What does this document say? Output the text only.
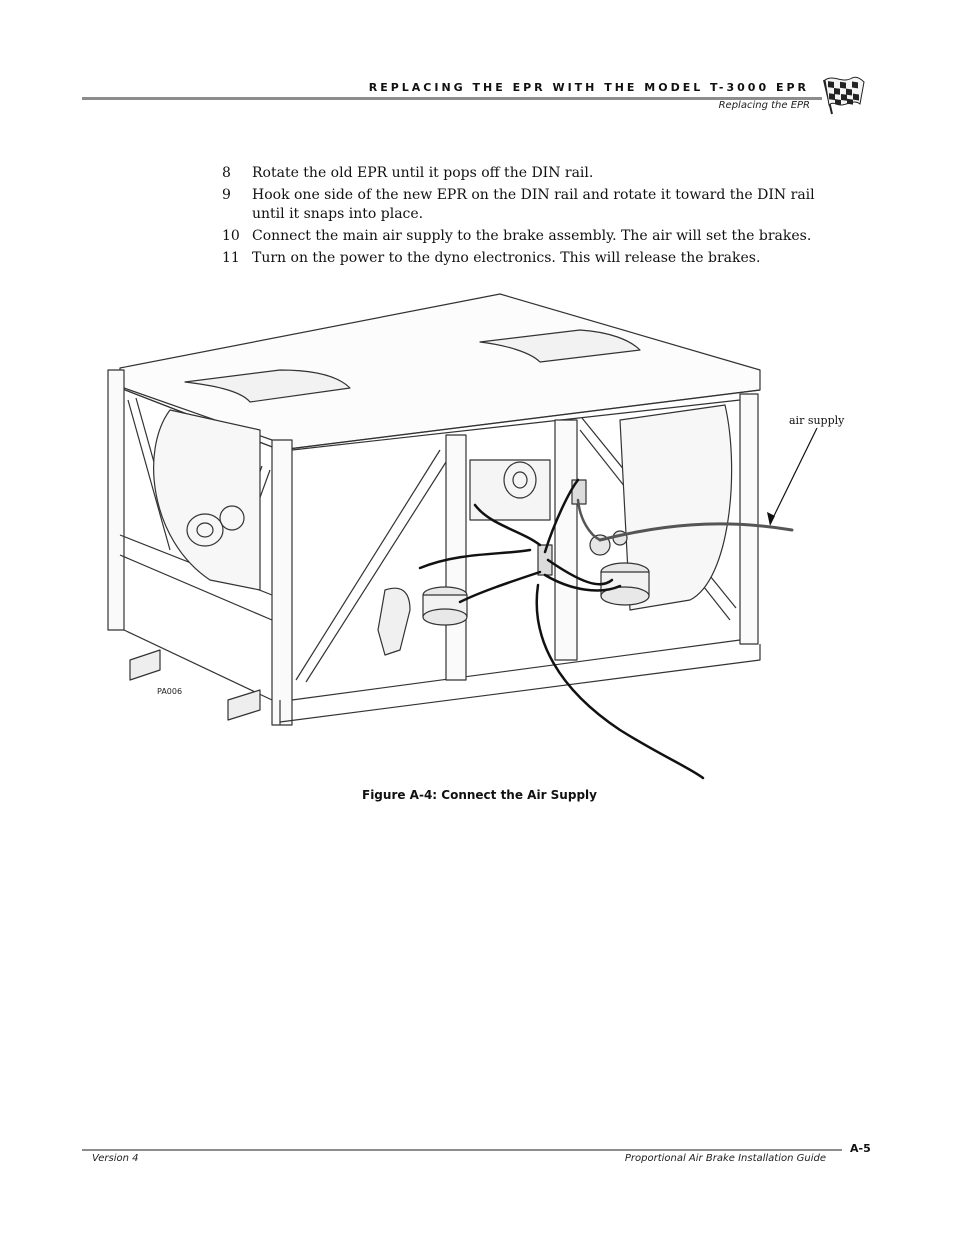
REPLACING THE EPR WITH THE MODEL T-3000 EPR
Replacing the EPR
8 Rotate the old EPR until it pops off the DIN rail.
9 Hook one side of the new EPR on the DIN rail and rotate it toward the DIN rail until it snaps into place.
10 Connect the main air supply to the brake assembly. The air will set the brakes.
11 Turn on the power to the dyno electronics. This will release the brakes.
air supply
PA006
Figure A-4: Connect the Air Supply
Version 4	Proportional Air Brake Installation Guide
A-5
